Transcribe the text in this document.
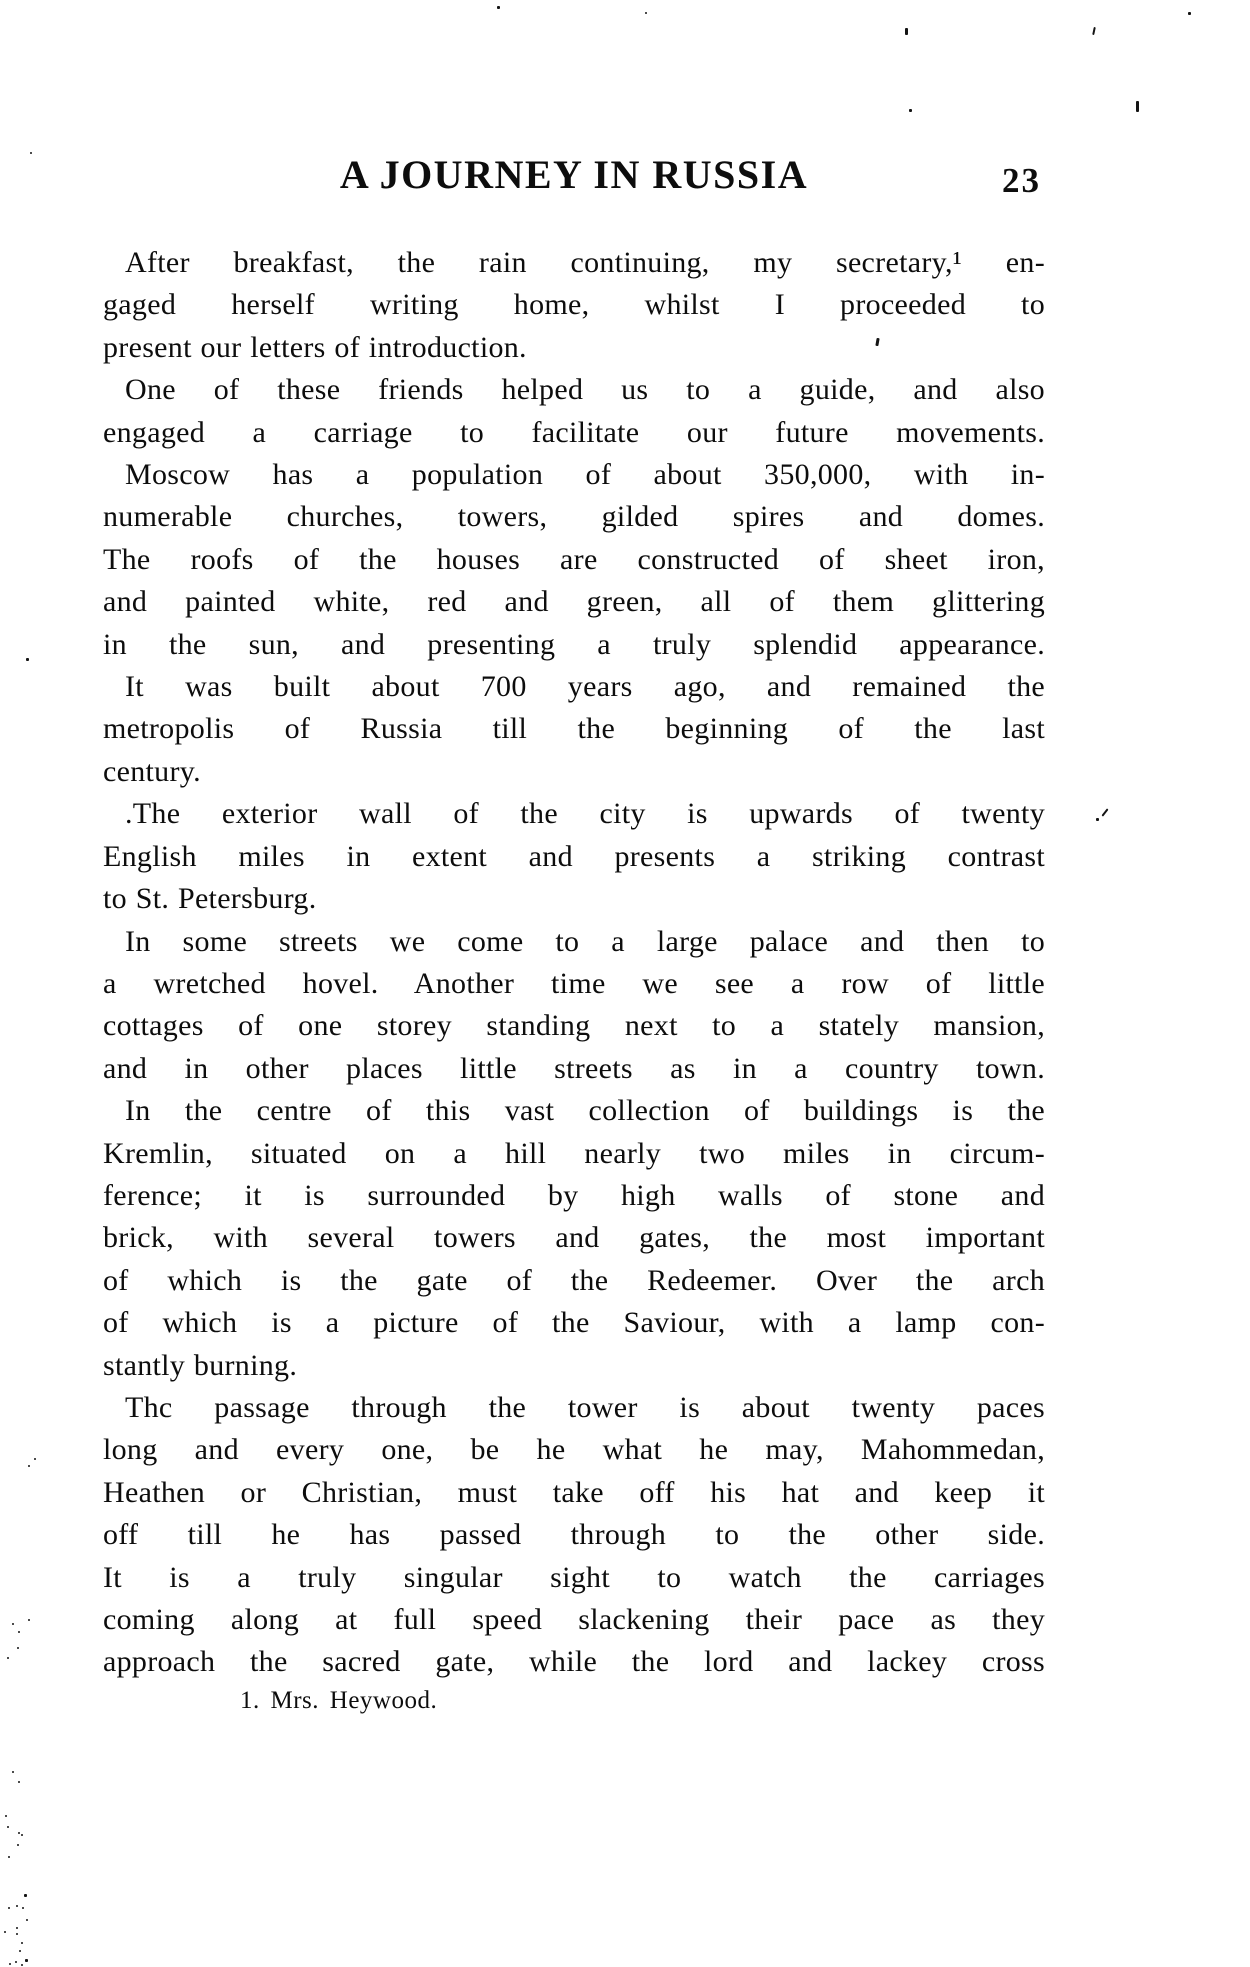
A JOURNEY IN RUSSIA	23
After breakfast, the rain continuing, my secretary,¹ en-
gaged herself writing home, whilst I proceeded to
present our letters of introduction.
One of these friends helped us to a guide, and also
engaged a carriage to facilitate our future movements.
Moscow has a population of about 350,000, with in-
numerable churches, towers, gilded spires and domes.
The roofs of the houses are constructed of sheet iron,
and painted white, red and green, all of them glittering
in the sun, and presenting a truly splendid appearance.
It was built about 700 years ago, and remained the
metropolis of Russia till the beginning of the last
century.
.The exterior wall of the city is upwards of twenty
English miles in extent and presents a striking contrast
to St. Petersburg.
In some streets we come to a large palace and then to
a wretched hovel. Another time we see a row of little
cottages of one storey standing next to a stately mansion,
and in other places little streets as in a country town.
In the centre of this vast collection of buildings is the
Kremlin, situated on a hill nearly two miles in circum-
ference; it is surrounded by high walls of stone and
brick, with several towers and gates, the most important
of which is the gate of the Redeemer. Over the arch
of which is a picture of the Saviour, with a lamp con-
stantly burning.
Thc passage through the tower is about twenty paces
long and every one, be he what he may, Mahommedan,
Heathen or Christian, must take off his hat and keep it
off till he has passed through to the other side.
It is a truly singular sight to watch the carriages
coming along at full speed slackening their pace as they
approach the sacred gate, while the lord and lackey cross
1. Mrs. Heywood.
